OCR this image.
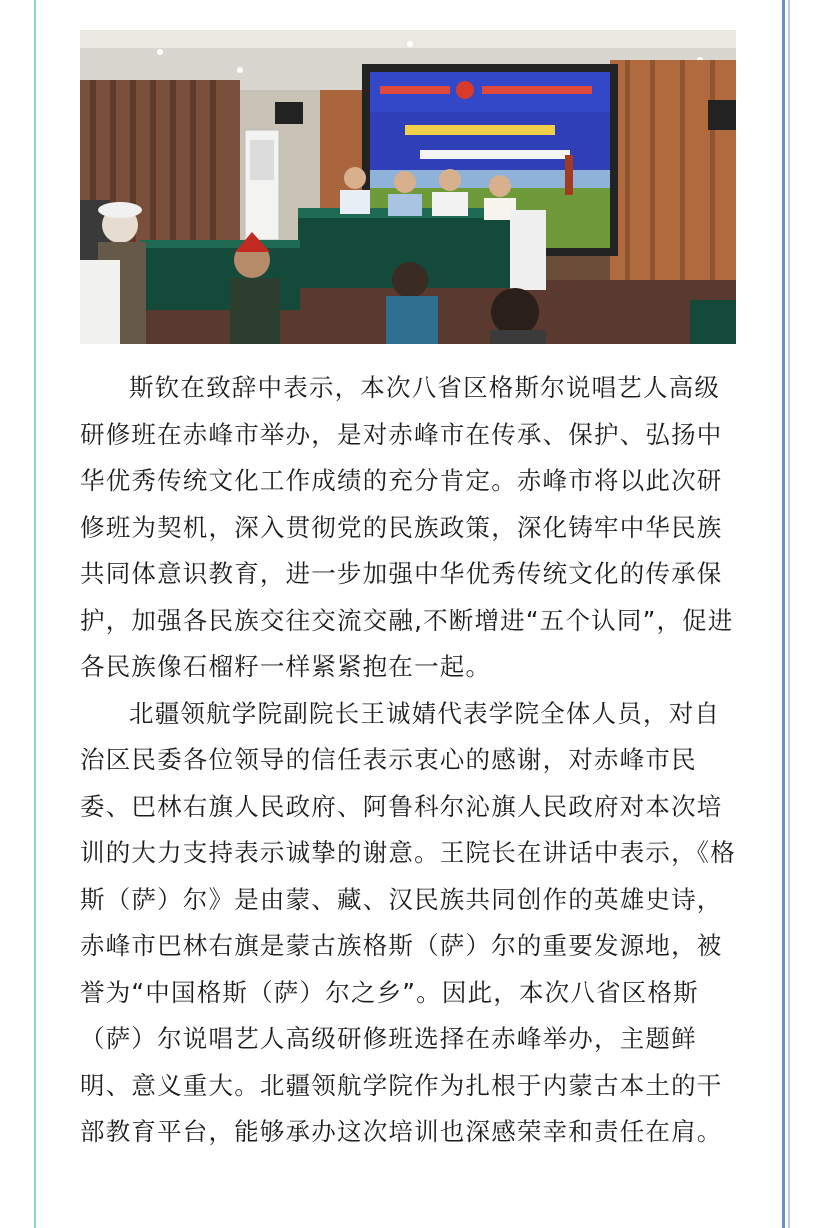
斯钦在致辞中表示，本次八省区格斯尔说唱艺人高级研修班在赤峰市举办，是对赤峰市在传承、保护、弘扬中华优秀传统文化工作成绩的充分肯定。赤峰市将以此次研修班为契机，深入贯彻党的民族政策，深化铸牢中华民族共同体意识教育，进一步加强中华优秀传统文化的传承保护，加强各民族交往交流交融,不断增进“五个认同”，促进各民族像石榴籽一样紧紧抱在一起。

北疆领航学院副院长王诚婧代表学院全体人员，对自治区民委各位领导的信任表示衷心的感谢，对赤峰市民委、巴林右旗人民政府、阿鲁科尔沁旗人民政府对本次培训的大力支持表示诚挚的谢意。王院长在讲话中表示，《格斯（萨）尔》是由蒙、藏、汉民族共同创作的英雄史诗，赤峰市巴林右旗是蒙古族格斯（萨）尔的重要发源地，被誉为“中国格斯（萨）尔之乡”。因此，本次八省区格斯（萨）尔说唱艺人高级研修班选择在赤峰举办，主题鲜明、意义重大。北疆领航学院作为扎根于内蒙古本土的干部教育平台，能够承办这次培训也深感荣幸和责任在肩。
